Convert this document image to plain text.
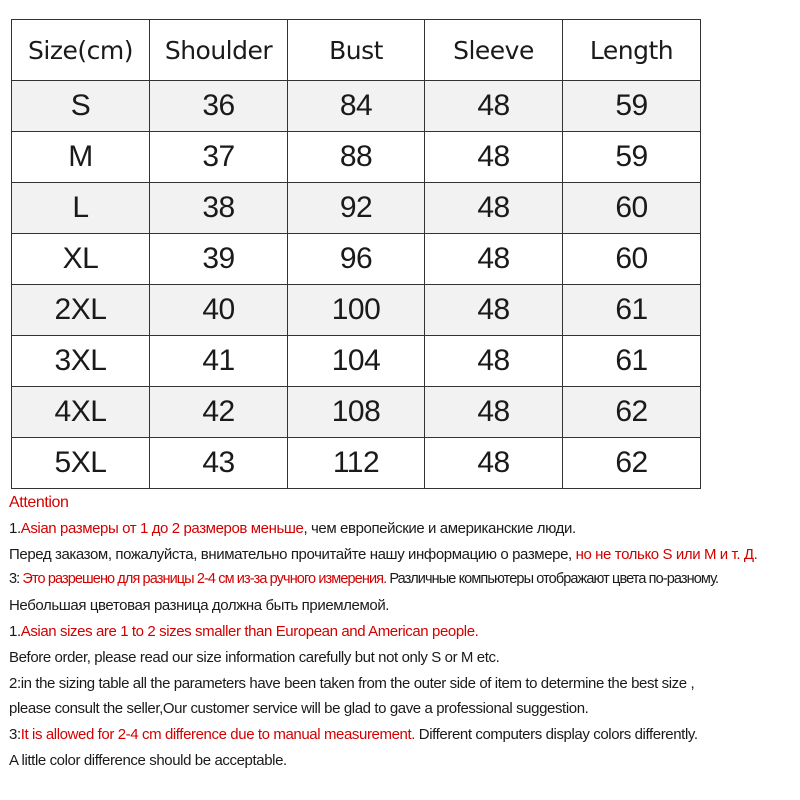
Size(cm)	Shoulder	Bust	Sleeve	Length
S	36	84	48	59
M	37	88	48	59
L	38	92	48	60
XL	39	96	48	60
2XL	40	100	48	61
3XL	41	104	48	61
4XL	42	108	48	62
5XL	43	112	48	62
Attention
1.Asian размеры от 1 до 2 размеров меньше, чем европейские и американские люди.
Перед заказом, пожалуйста, внимательно прочитайте нашу информацию о размере, но не только S или M и т. Д.
3: Это разрешено для разницы 2-4 см из-за ручного измерения. Различные компьютеры отображают цвета по-разному.
Небольшая цветовая разница должна быть приемлемой.
1.Asian sizes are 1 to 2 sizes smaller than European and American people.
Before order, please read our size information carefully but not only S or M etc.
2:in the sizing table all the parameters have been taken from the outer side of item to determine the best size ,
please consult the seller,Our customer service will be glad to gave a professional suggestion.
3:It is allowed for 2-4 cm difference due to manual measurement. Different computers display colors differently.
A little color difference should be acceptable.
